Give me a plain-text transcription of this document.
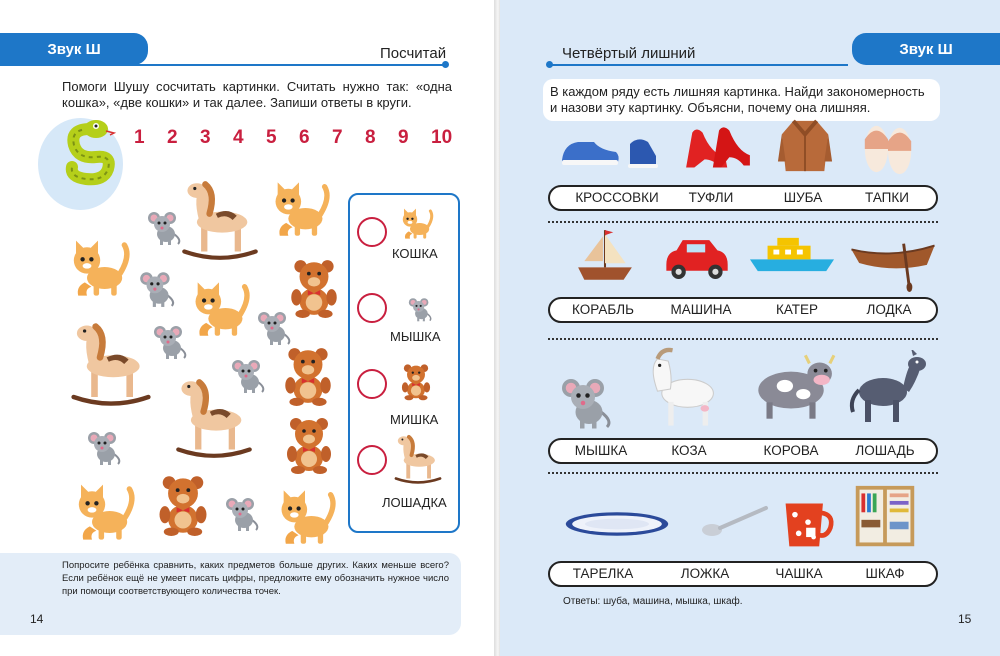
Звук Ш	Посчитай
Помоги Шушу сосчитать картинки. Считать нужно так: «одна кошка», «две кошки» и так далее. Запиши ответы в круги.
1	2	3	4	5	6	7	8	9	10
КОШКА
МЫШКА
МИШКА
ЛОШАДКА
Попросите ребёнка сравнить, каких предметов больше других. Каких меньше всего? Если ребёнок ещё не умеет писать цифры, предложите ему обозначить нужное число при помощи соответствующего количества точек.
14
Звук Ш
Четвёртый лишний
В каждом ряду есть лишняя картинка. Найди закономерность и назови эту картинку. Объясни, почему она лишняя.
КРОССОВКИ	ТУФЛИ	ШУБА	ТАПКИ
КОРАБЛЬ	МАШИНА	КАТЕР	ЛОДКА
МЫШКА	КОЗА	КОРОВА	ЛОШАДЬ
ТАРЕЛКА	ЛОЖКА	ЧАШКА	ШКАФ
Ответы: шуба, машина, мышка, шкаф.
15
